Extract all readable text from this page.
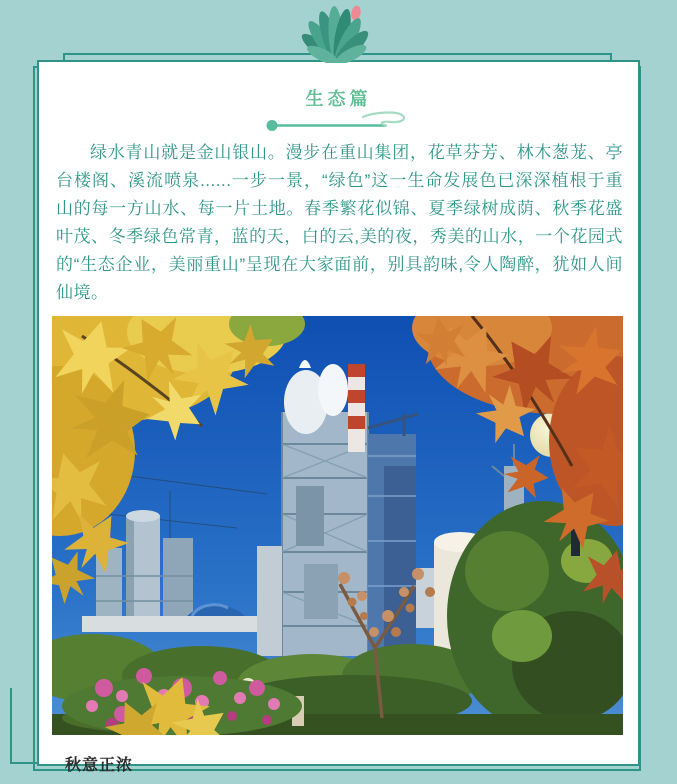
生态篇
绿水青山就是金山银山。漫步在重山集团，花草芬芳、林木葱茏、亭台楼阁、溪流喷泉......一步一景，“绿色”这一生命发展色已深深植根于重山的每一方山水、每一片土地。春季繁花似锦、夏季绿树成荫、秋季花盛叶茂、冬季绿色常青，蓝的天，白的云,美的夜，秀美的山水，一个花园式的“生态企业，美丽重山”呈现在大家面前，别具韵味,令人陶醉，犹如人间仙境。
秋意正浓
